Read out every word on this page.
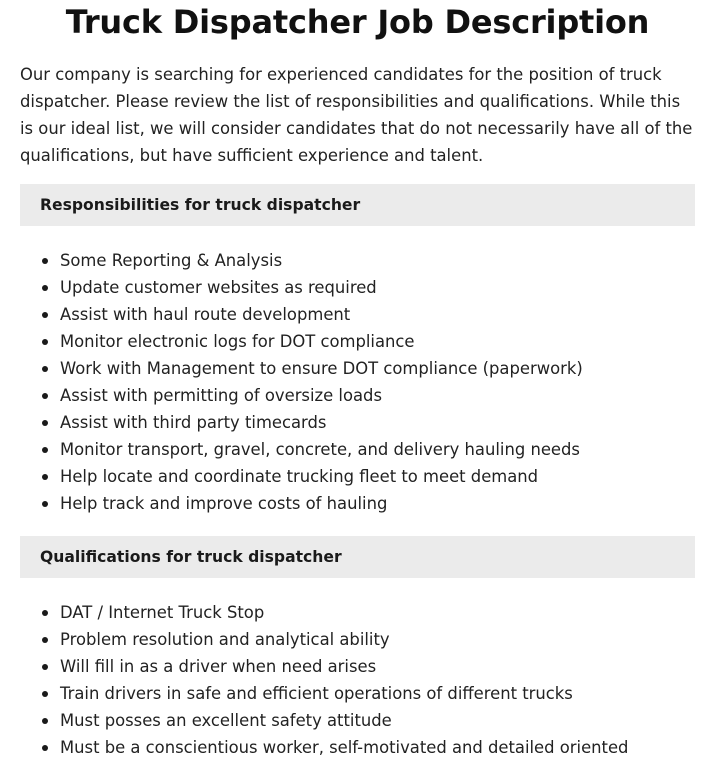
Truck Dispatcher Job Description

Our company is searching for experienced candidates for the position of truck dispatcher. Please review the list of responsibilities and qualifications. While this is our ideal list, we will consider candidates that do not necessarily have all of the qualifications, but have sufficient experience and talent.

Responsibilities for truck dispatcher
Some Reporting & Analysis
Update customer websites as required
Assist with haul route development
Monitor electronic logs for DOT compliance
Work with Management to ensure DOT compliance (paperwork)
Assist with permitting of oversize loads
Assist with third party timecards
Monitor transport, gravel, concrete, and delivery hauling needs
Help locate and coordinate trucking fleet to meet demand
Help track and improve costs of hauling
Qualifications for truck dispatcher
DAT / Internet Truck Stop
Problem resolution and analytical ability
Will fill in as a driver when need arises
Train drivers in safe and efficient operations of different trucks
Must posses an excellent safety attitude
Must be a conscientious worker, self-motivated and detailed oriented
